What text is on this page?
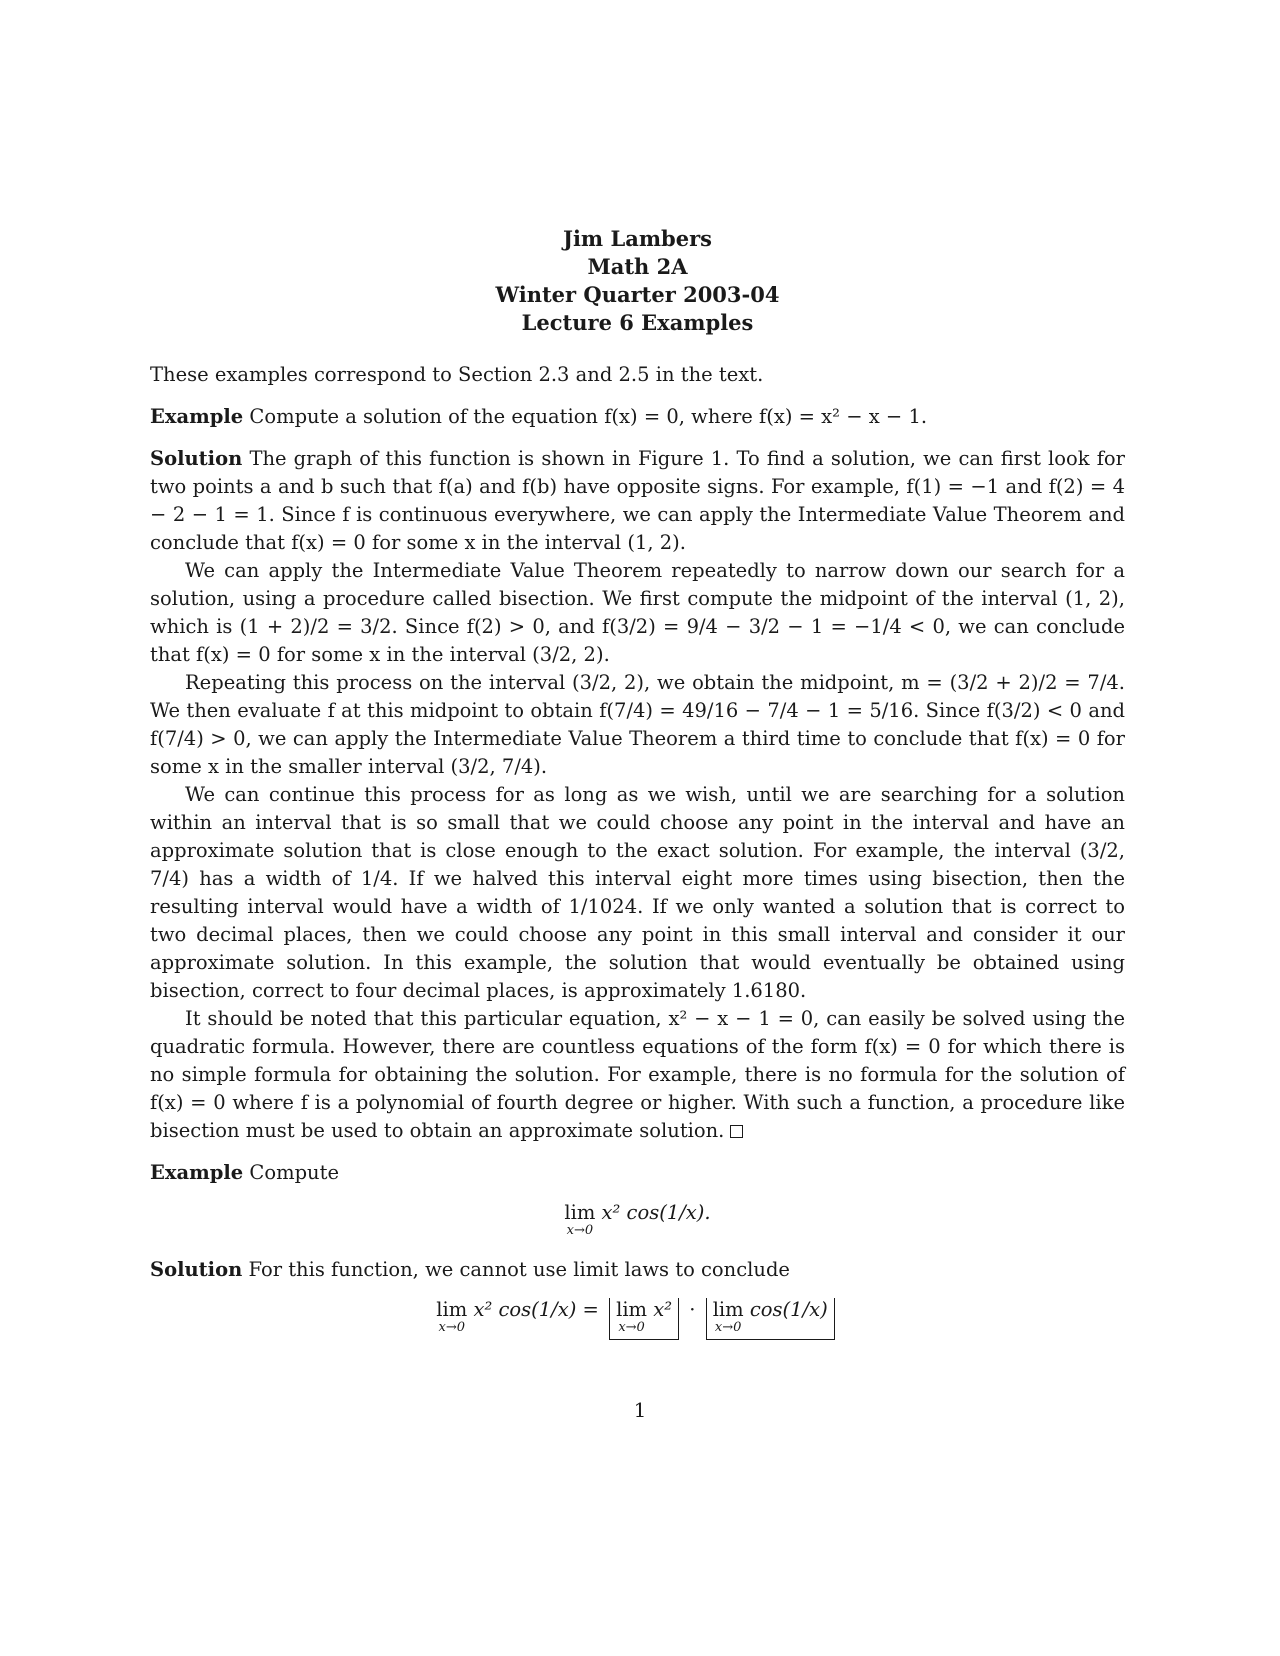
Jim Lambers
Math 2A
Winter Quarter 2003-04
Lecture 6 Examples

These examples correspond to Section 2.3 and 2.5 in the text.

Example Compute a solution of the equation f(x) = 0, where f(x) = x² − x − 1.

Solution The graph of this function is shown in Figure 1. To find a solution, we can first look for two points a and b such that f(a) and f(b) have opposite signs. For example, f(1) = −1 and f(2) = 4 − 2 − 1 = 1. Since f is continuous everywhere, we can apply the Intermediate Value Theorem and conclude that f(x) = 0 for some x in the interval (1, 2).

We can apply the Intermediate Value Theorem repeatedly to narrow down our search for a solution, using a procedure called bisection. We first compute the midpoint of the interval (1, 2), which is (1 + 2)/2 = 3/2. Since f(2) > 0, and f(3/2) = 9/4 − 3/2 − 1 = −1/4 < 0, we can conclude that f(x) = 0 for some x in the interval (3/2, 2).

Repeating this process on the interval (3/2, 2), we obtain the midpoint, m = (3/2 + 2)/2 = 7/4. We then evaluate f at this midpoint to obtain f(7/4) = 49/16 − 7/4 − 1 = 5/16. Since f(3/2) < 0 and f(7/4) > 0, we can apply the Intermediate Value Theorem a third time to conclude that f(x) = 0 for some x in the smaller interval (3/2, 7/4).

We can continue this process for as long as we wish, until we are searching for a solution within an interval that is so small that we could choose any point in the interval and have an approximate solution that is close enough to the exact solution. For example, the interval (3/2, 7/4) has a width of 1/4. If we halved this interval eight more times using bisection, then the resulting interval would have a width of 1/1024. If we only wanted a solution that is correct to two decimal places, then we could choose any point in this small interval and consider it our approximate solution. In this example, the solution that would eventually be obtained using bisection, correct to four decimal places, is approximately 1.6180.

It should be noted that this particular equation, x² − x − 1 = 0, can easily be solved using the quadratic formula. However, there are countless equations of the form f(x) = 0 for which there is no simple formula for obtaining the solution. For example, there is no formula for the solution of f(x) = 0 where f is a polynomial of fourth degree or higher. With such a function, a procedure like bisection must be used to obtain an approximate solution.

Example Compute

lim
x→0
x² cos(1/x).

Solution For this function, we cannot use limit laws to conclude

lim
x→0
x² cos(1/x) = lim
x→0
x² · lim
x→0
cos(1/x)
1
